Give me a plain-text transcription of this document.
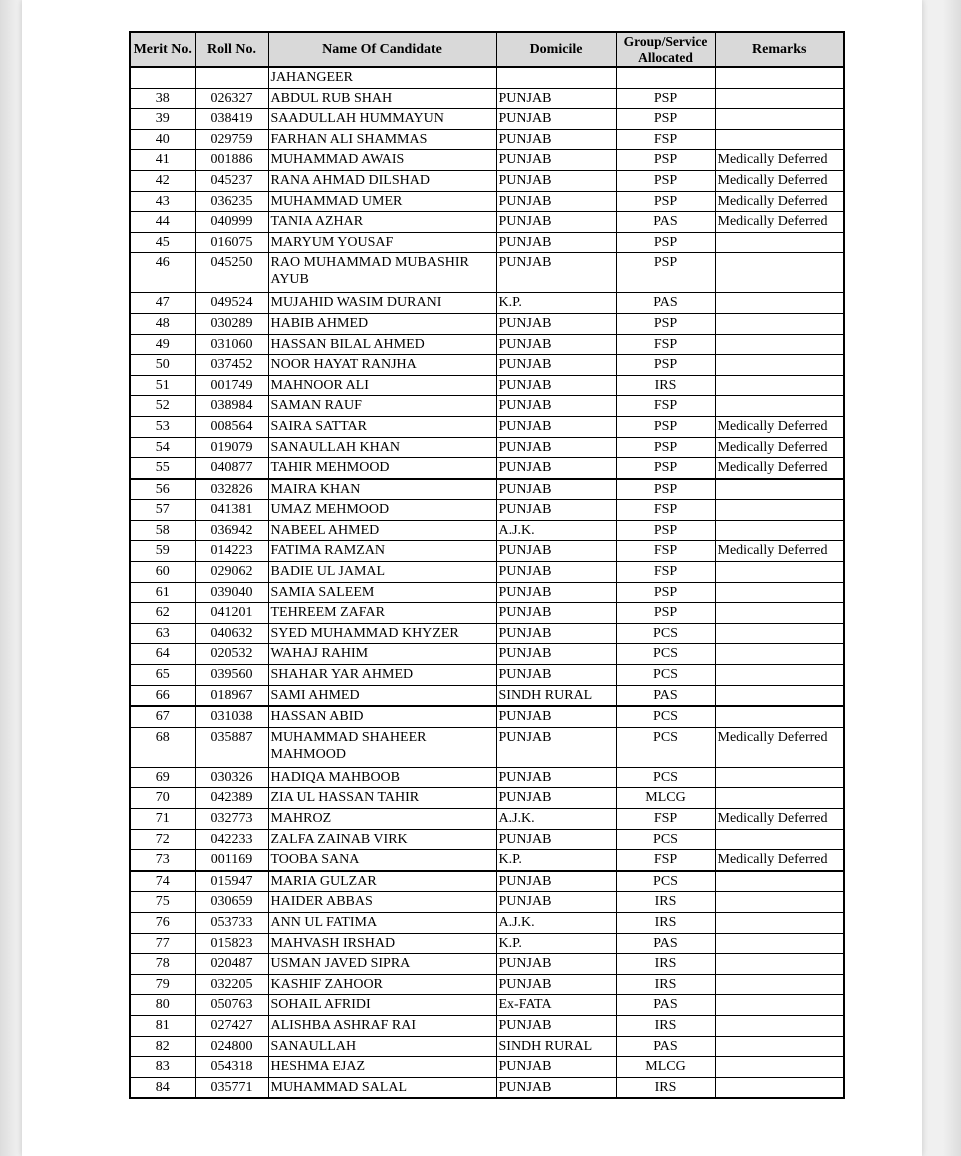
Merit No.	Roll No.	Name Of Candidate	Domicile	Group/Service
Allocated	Remarks
		JAHANGEER			
38	026327	ABDUL RUB SHAH	PUNJAB	PSP	
39	038419	SAADULLAH HUMMAYUN	PUNJAB	PSP	
40	029759	FARHAN ALI SHAMMAS	PUNJAB	FSP	
41	001886	MUHAMMAD AWAIS	PUNJAB	PSP	Medically Deferred
42	045237	RANA AHMAD DILSHAD	PUNJAB	PSP	Medically Deferred
43	036235	MUHAMMAD UMER	PUNJAB	PSP	Medically Deferred
44	040999	TANIA AZHAR	PUNJAB	PAS	Medically Deferred
45	016075	MARYUM YOUSAF	PUNJAB	PSP	
46	045250	RAO MUHAMMAD MUBASHIR AYUB	PUNJAB	PSP	
47	049524	MUJAHID WASIM DURANI	K.P.	PAS	
48	030289	HABIB AHMED	PUNJAB	PSP	
49	031060	HASSAN BILAL AHMED	PUNJAB	FSP	
50	037452	NOOR HAYAT RANJHA	PUNJAB	PSP	
51	001749	MAHNOOR ALI	PUNJAB	IRS	
52	038984	SAMAN RAUF	PUNJAB	FSP	
53	008564	SAIRA SATTAR	PUNJAB	PSP	Medically Deferred
54	019079	SANAULLAH KHAN	PUNJAB	PSP	Medically Deferred
55	040877	TAHIR MEHMOOD	PUNJAB	PSP	Medically Deferred
56	032826	MAIRA KHAN	PUNJAB	PSP	
57	041381	UMAZ MEHMOOD	PUNJAB	FSP	
58	036942	NABEEL AHMED	A.J.K.	PSP	
59	014223	FATIMA RAMZAN	PUNJAB	FSP	Medically Deferred
60	029062	BADIE UL JAMAL	PUNJAB	FSP	
61	039040	SAMIA SALEEM	PUNJAB	PSP	
62	041201	TEHREEM ZAFAR	PUNJAB	PSP	
63	040632	SYED MUHAMMAD KHYZER	PUNJAB	PCS	
64	020532	WAHAJ RAHIM	PUNJAB	PCS	
65	039560	SHAHAR YAR AHMED	PUNJAB	PCS	
66	018967	SAMI AHMED	SINDH RURAL	PAS	
67	031038	HASSAN ABID	PUNJAB	PCS	
68	035887	MUHAMMAD SHAHEER MAHMOOD	PUNJAB	PCS	Medically Deferred
69	030326	HADIQA MAHBOOB	PUNJAB	PCS	
70	042389	ZIA UL HASSAN TAHIR	PUNJAB	MLCG	
71	032773	MAHROZ	A.J.K.	FSP	Medically Deferred
72	042233	ZALFA ZAINAB VIRK	PUNJAB	PCS	
73	001169	TOOBA SANA	K.P.	FSP	Medically Deferred
74	015947	MARIA GULZAR	PUNJAB	PCS	
75	030659	HAIDER ABBAS	PUNJAB	IRS	
76	053733	ANN UL FATIMA	A.J.K.	IRS	
77	015823	MAHVASH IRSHAD	K.P.	PAS	
78	020487	USMAN JAVED SIPRA	PUNJAB	IRS	
79	032205	KASHIF ZAHOOR	PUNJAB	IRS	
80	050763	SOHAIL AFRIDI	Ex-FATA	PAS	
81	027427	ALISHBA ASHRAF RAI	PUNJAB	IRS	
82	024800	SANAULLAH	SINDH RURAL	PAS	
83	054318	HESHMA EJAZ	PUNJAB	MLCG	
84	035771	MUHAMMAD SALAL	PUNJAB	IRS	
